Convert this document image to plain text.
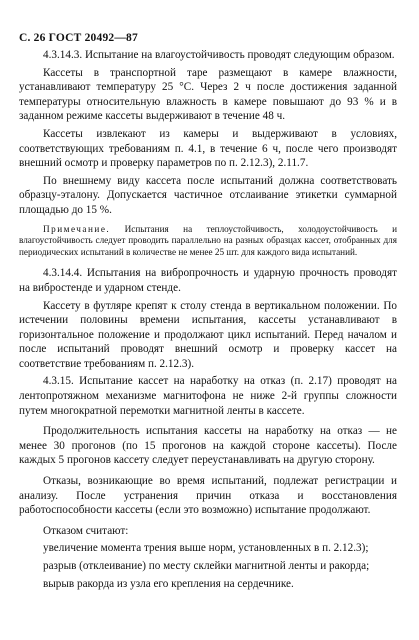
С. 26 ГОСТ 20492—87

4.3.14.3. Испытание на влагоустойчивость проводят следующим образом.

Кассеты в транспортной таре размещают в камере влажности, устанавливают температуру 25 °С. Через 2 ч после достижения заданной температуры относительную влажность в камере повышают до 93 % и в заданном режиме кассеты выдерживают в течение 48 ч.

Кассеты извлекают из камеры и выдерживают в условиях, соответствующих требованиям п. 4.1, в течение 6 ч, после чего производят внешний осмотр и проверку параметров по п. 2.12.3), 2.11.7.

По внешнему виду кассета после испытаний должна соответствовать образцу-эталону. Допускается частичное отслаивание этикетки суммарной площадью до 15 %.

Примечание. Испытания на теплоустойчивость, холодоустойчивость и влагоустойчивость следует проводить параллельно на разных образцах кассет, отобранных для периодических испытаний в количестве не менее 25 шт. для каждого вида испытаний.

4.3.14.4. Испытания на вибропрочность и ударную прочность проводят на вибростенде и ударном стенде.

Кассету в футляре крепят к столу стенда в вертикальном положении. По истечении половины времени испытания, кассеты устанавливают в горизонтальное положение и продолжают цикл испытаний. Перед началом и после испытаний проводят внешний осмотр и проверку кассет на соответствие требованиям п. 2.12.3).

4.3.15. Испытание кассет на наработку на отказ (п. 2.17) проводят на лентопротяжном механизме магнитофона не ниже 2-й группы сложности путем многократной перемотки магнитной ленты в кассете.

Продолжительность испытания кассеты на наработку на отказ — не менее 30 прогонов (по 15 прогонов на каждой стороне кассеты). После каждых 5 прогонов кассету следует переустанавливать на другую сторону.

Отказы, возникающие во время испытаний, подлежат регистрации и анализу. После устранения причин отказа и восстановления работоспособности кассеты (если это возможно) испытание продолжают.

Отказом считают:

увеличение момента трения выше норм, установленных в п. 2.12.3);

разрыв (отклеивание) по месту склейки магнитной ленты и ракорда;

вырыв ракорда из узла его крепления на сердечнике.
